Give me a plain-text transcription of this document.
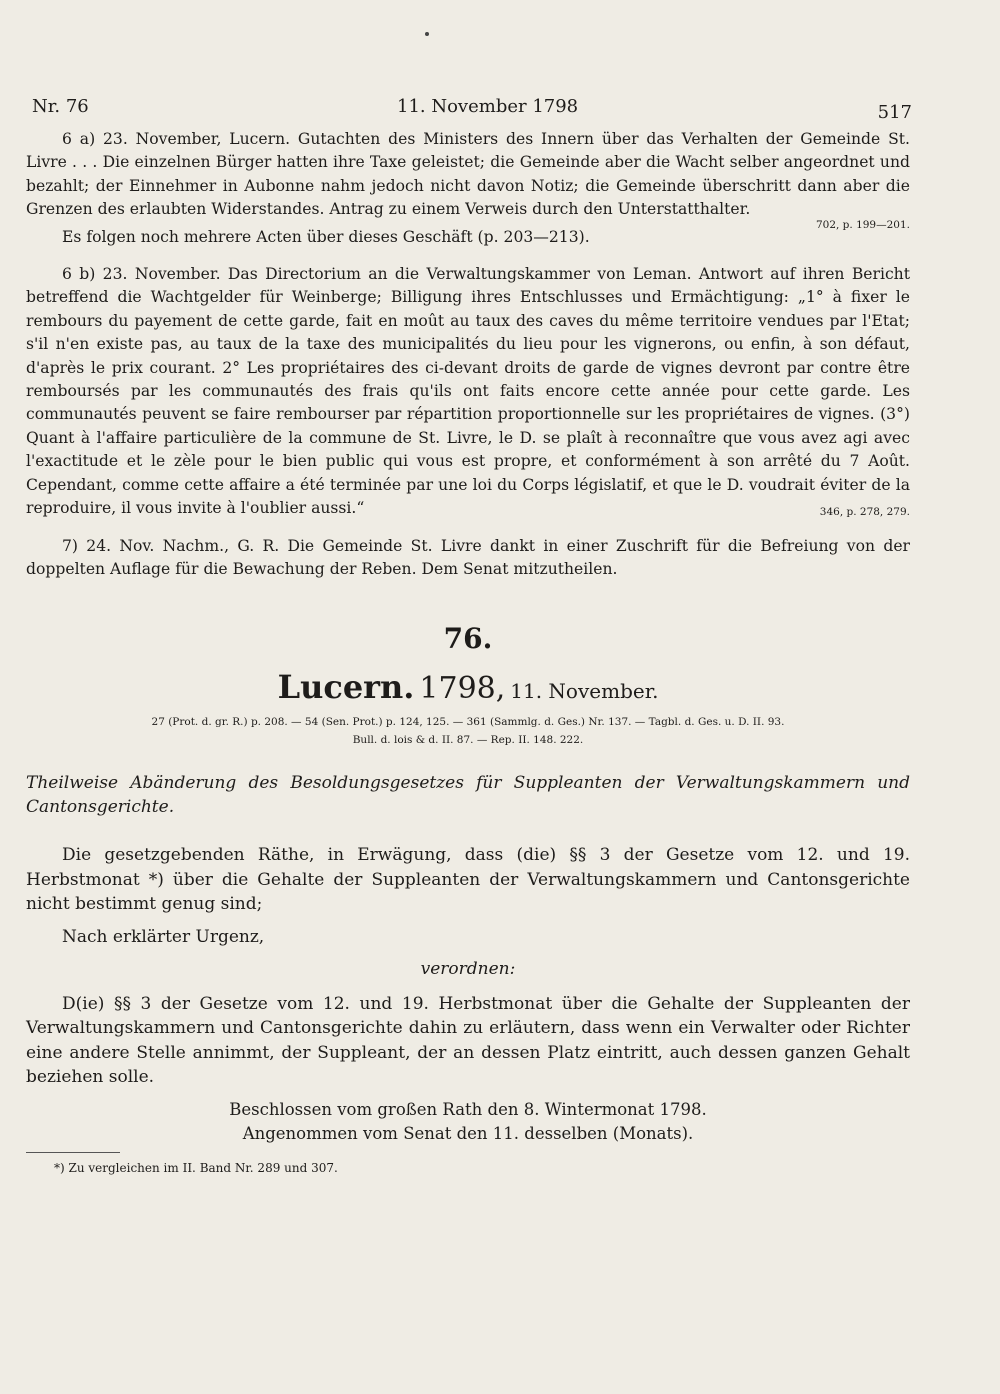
Nr. 76	11. November 1798	517

6 a) 23. November, Lucern. Gutachten des Ministers des Innern über das Verhalten der Gemeinde St. Livre . . . Die einzelnen Bürger hatten ihre Taxe geleistet; die Gemeinde aber die Wacht selber angeordnet und bezahlt; der Einnehmer in Aubonne nahm jedoch nicht davon Notiz; die Gemeinde überschritt dann aber die Grenzen des erlaubten Widerstandes. Antrag zu einem Verweis durch den Unterstatthalter.

702, p. 199—201.

Es folgen noch mehrere Acten über dieses Geschäft (p. 203—213).

6 b) 23. November. Das Directorium an die Verwaltungskammer von Leman. Antwort auf ihren Bericht betreffend die Wachtgelder für Weinberge; Billigung ihres Entschlusses und Ermächtigung: „1° à fixer le rembours du payement de cette garde, fait en moût au taux des caves du même territoire vendues par l'Etat; s'il n'en existe pas, au taux de la taxe des municipalités du lieu pour les vignerons, ou enfin, à son défaut, d'après le prix courant. 2° Les propriétaires des ci-devant droits de garde de vignes devront par contre être remboursés par les communautés des frais qu'ils ont faits encore cette année pour cette garde. Les communautés peuvent se faire rembourser par répartition proportionnelle sur les propriétaires de vignes. (3°) Quant à l'affaire particulière de la commune de St. Livre, le D. se plaît à reconnaître que vous avez agi avec l'exactitude et le zèle pour le bien public qui vous est propre, et conformément à son arrêté du 7 Août. Cependant, comme cette affaire a été terminée par une loi du Corps législatif, et que le D. voudrait éviter de la reproduire, il vous invite à l'oublier aussi.“	346, p. 278, 279.

7) 24. Nov. Nachm., G. R. Die Gemeinde St. Livre dankt in einer Zuschrift für die Befreiung von der doppelten Auflage für die Bewachung der Reben. Dem Senat mitzutheilen.

76.
Lucern. 1798, 11. November.
27 (Prot. d. gr. R.) p. 208. — 54 (Sen. Prot.) p. 124, 125. — 361 (Sammlg. d. Ges.) Nr. 137. — Tagbl. d. Ges. u. D. II. 93.
Bull. d. lois & d. II. 87. — Rep. II. 148. 222.
Theilweise Abänderung des Besoldungsgesetzes für Suppleanten der Verwaltungskammern und Cantonsgerichte.

Die gesetzgebenden Räthe, in Erwägung, dass (die) §§ 3 der Gesetze vom 12. und 19. Herbstmonat *) über die Gehalte der Suppleanten der Verwaltungskammern und Cantonsgerichte nicht bestimmt genug sind;

Nach erklärter Urgenz,

verordnen:

D(ie) §§ 3 der Gesetze vom 12. und 19. Herbstmonat über die Gehalte der Suppleanten der Verwaltungskammern und Cantonsgerichte dahin zu erläutern, dass wenn ein Verwalter oder Richter eine andere Stelle annimmt, der Suppleant, der an dessen Platz eintritt, auch dessen ganzen Gehalt beziehen solle.

Beschlossen vom großen Rath den 8. Wintermonat 1798.
Angenommen vom Senat den 11. desselben (Monats).
*) Zu vergleichen im II. Band Nr. 289 und 307.
